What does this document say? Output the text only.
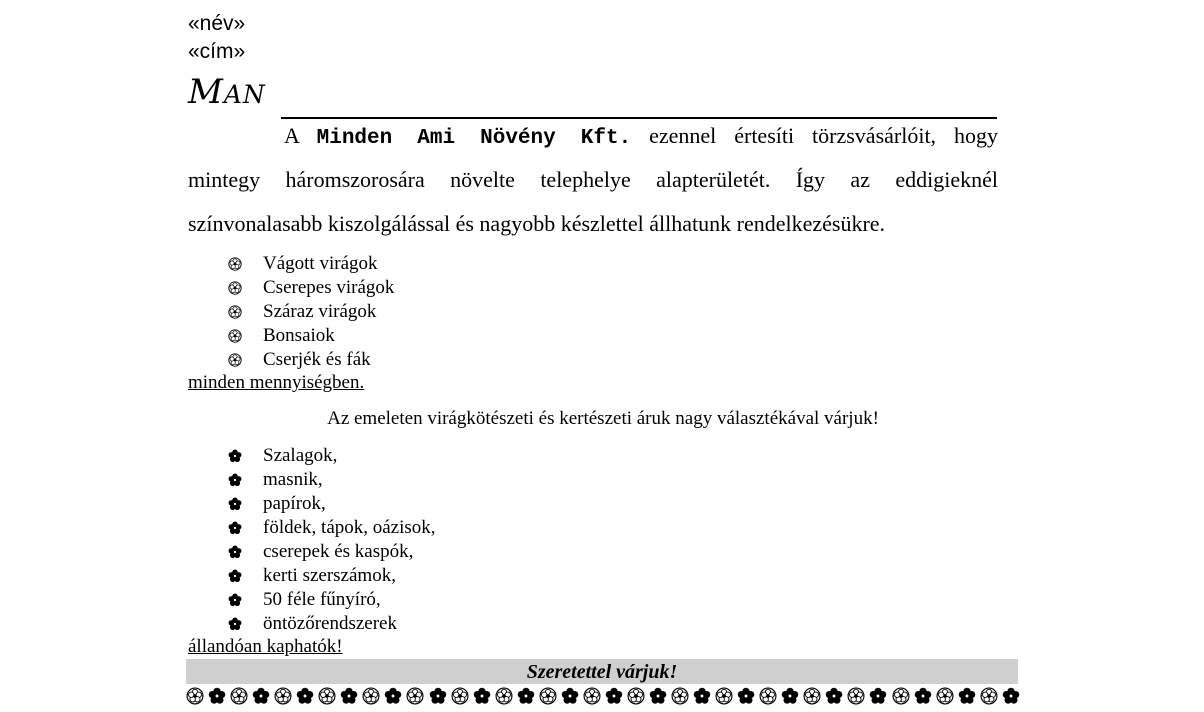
«név»
«cím»
MAN
A Minden Ami Növény Kft. ezennel értesíti törzsvásárlóit, hogy
mintegy háromszorosára növelte telephelye alapterületét. Így az eddigieknél
színvonalasabb kiszolgálással és nagyobb készlettel állhatunk rendelkezésükre.
Vágott virágok
Cserepes virágok
Száraz virágok
Bonsaiok
Cserjék és fák
minden mennyiségben.
Az emeleten virágkötészeti és kertészeti áruk nagy választékával várjuk!
Szalagok,
masnik,
papírok,
földek, tápok, oázisok,
cserepek és kaspók,
kerti szerszámok,
50 féle fűnyíró,
öntözőrendszerek
állandóan kaphatók!
Szeretettel várjuk!
